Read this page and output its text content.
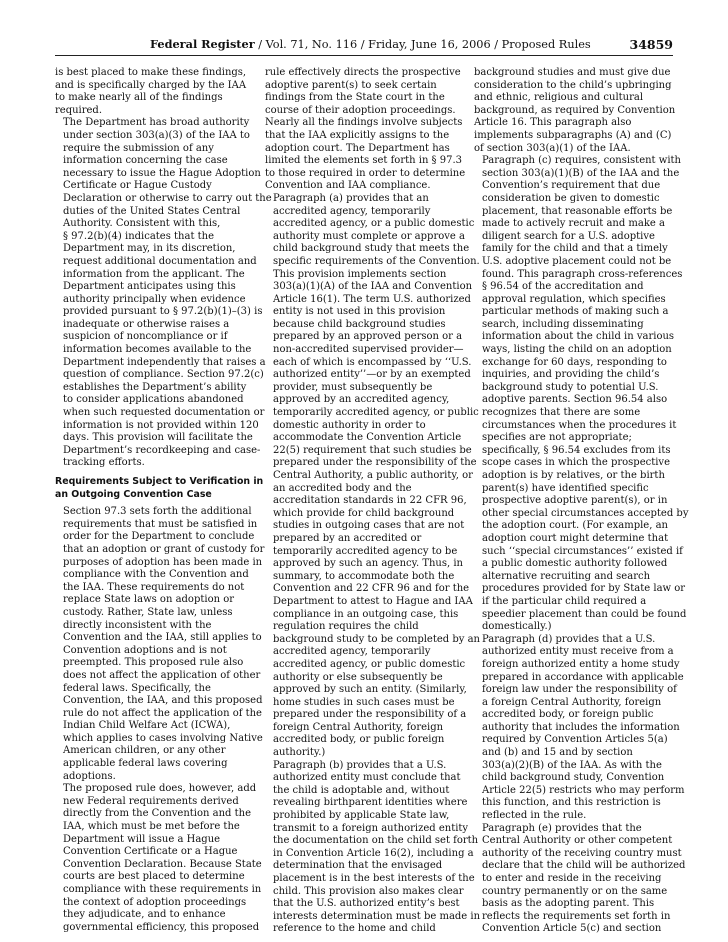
Federal Register / Vol. 71, No. 116 / Friday, June 16, 2006 / Proposed Rules	34859

is best placed to make these findings,
and is specifically charged by the IAA
to make nearly all of the findings
required.

The Department has broad authority
under section 303(a)(3) of the IAA to
require the submission of any
information concerning the case
necessary to issue the Hague Adoption
Certificate or Hague Custody
Declaration or otherwise to carry out the
duties of the United States Central
Authority. Consistent with this,
§ 97.2(b)(4) indicates that the
Department may, in its discretion,
request additional documentation and
information from the applicant. The
Department anticipates using this
authority principally when evidence
provided pursuant to § 97.2(b)(1)–(3) is
inadequate or otherwise raises a
suspicion of noncompliance or if
information becomes available to the
Department independently that raises a
question of compliance. Section 97.2(c)
establishes the Department’s ability
to consider applications abandoned
when such requested documentation or
information is not provided within 120
days. This provision will facilitate the
Department’s recordkeeping and case-
tracking efforts.

Requirements Subject to Verification in
an Outgoing Convention Case

Section 97.3 sets forth the additional
requirements that must be satisfied in
order for the Department to conclude
that an adoption or grant of custody for
purposes of adoption has been made in
compliance with the Convention and
the IAA. These requirements do not
replace State laws on adoption or
custody. Rather, State law, unless
directly inconsistent with the
Convention and the IAA, still applies to
Convention adoptions and is not
preempted. This proposed rule also
does not affect the application of other
federal laws. Specifically, the
Convention, the IAA, and this proposed
rule do not affect the application of the
Indian Child Welfare Act (ICWA),
which applies to cases involving Native
American children, or any other
applicable federal laws covering
adoptions.

The proposed rule does, however, add
new Federal requirements derived
directly from the Convention and the
IAA, which must be met before the
Department will issue a Hague
Convention Certificate or a Hague
Convention Declaration. Because State
courts are best placed to determine
compliance with these requirements in
the context of adoption proceedings
they adjudicate, and to enhance
governmental efficiency, this proposed

rule effectively directs the prospective
adoptive parent(s) to seek certain
findings from the State court in the
course of their adoption proceedings.
Nearly all the findings involve subjects
that the IAA explicitly assigns to the
adoption court. The Department has
limited the elements set forth in § 97.3
to those required in order to determine
Convention and IAA compliance.

Paragraph (a) provides that an
accredited agency, temporarily
accredited agency, or a public domestic
authority must complete or approve a
child background study that meets the
specific requirements of the Convention.
This provision implements section
303(a)(1)(A) of the IAA and Convention
Article 16(1). The term U.S. authorized
entity is not used in this provision
because child background studies
prepared by an approved person or a
non-accredited supervised provider—
each of which is encompassed by ‘‘U.S.
authorized entity’’—or by an exempted
provider, must subsequently be
approved by an accredited agency,
temporarily accredited agency, or public
domestic authority in order to
accommodate the Convention Article
22(5) requirement that such studies be
prepared under the responsibility of the
Central Authority, a public authority, or
an accredited body and the
accreditation standards in 22 CFR 96,
which provide for child background
studies in outgoing cases that are not
prepared by an accredited or
temporarily accredited agency to be
approved by such an agency. Thus, in
summary, to accommodate both the
Convention and 22 CFR 96 and for the
Department to attest to Hague and IAA
compliance in an outgoing case, this
regulation requires the child
background study to be completed by an
accredited agency, temporarily
accredited agency, or public domestic
authority or else subsequently be
approved by such an entity. (Similarly,
home studies in such cases must be
prepared under the responsibility of a
foreign Central Authority, foreign
accredited body, or public foreign
authority.)

Paragraph (b) provides that a U.S.
authorized entity must conclude that
the child is adoptable and, without
revealing birthparent identities where
prohibited by applicable State law,
transmit to a foreign authorized entity
the documentation on the child set forth
in Convention Article 16(2), including a
determination that the envisaged
placement is in the best interests of the
child. This provision also makes clear
that the U.S. authorized entity’s best
interests determination must be made in
reference to the home and child

background studies and must give due
consideration to the child’s upbringing
and ethnic, religious and cultural
background, as required by Convention
Article 16. This paragraph also
implements subparagraphs (A) and (C)
of section 303(a)(1) of the IAA.

Paragraph (c) requires, consistent with
section 303(a)(1)(B) of the IAA and the
Convention’s requirement that due
consideration be given to domestic
placement, that reasonable efforts be
made to actively recruit and make a
diligent search for a U.S. adoptive
family for the child and that a timely
U.S. adoptive placement could not be
found. This paragraph cross-references
§ 96.54 of the accreditation and
approval regulation, which specifies
particular methods of making such a
search, including disseminating
information about the child in various
ways, listing the child on an adoption
exchange for 60 days, responding to
inquiries, and providing the child’s
background study to potential U.S.
adoptive parents. Section 96.54 also
recognizes that there are some
circumstances when the procedures it
specifies are not appropriate;
specifically, § 96.54 excludes from its
scope cases in which the prospective
adoption is by relatives, or the birth
parent(s) have identified specific
prospective adoptive parent(s), or in
other special circumstances accepted by
the adoption court. (For example, an
adoption court might determine that
such ‘‘special circumstances’’ existed if
a public domestic authority followed
alternative recruiting and search
procedures provided for by State law or
if the particular child required a
speedier placement than could be found
domestically.)

Paragraph (d) provides that a U.S.
authorized entity must receive from a
foreign authorized entity a home study
prepared in accordance with applicable
foreign law under the responsibility of
a foreign Central Authority, foreign
accredited body, or foreign public
authority that includes the information
required by Convention Articles 5(a)
and (b) and 15 and by section
303(a)(2)(B) of the IAA. As with the
child background study, Convention
Article 22(5) restricts who may perform
this function, and this restriction is
reflected in the rule.

Paragraph (e) provides that the
Central Authority or other competent
authority of the receiving country must
declare that the child will be authorized
to enter and reside in the receiving
country permanently or on the same
basis as the adopting parent. This
reflects the requirements set forth in
Convention Article 5(c) and section
